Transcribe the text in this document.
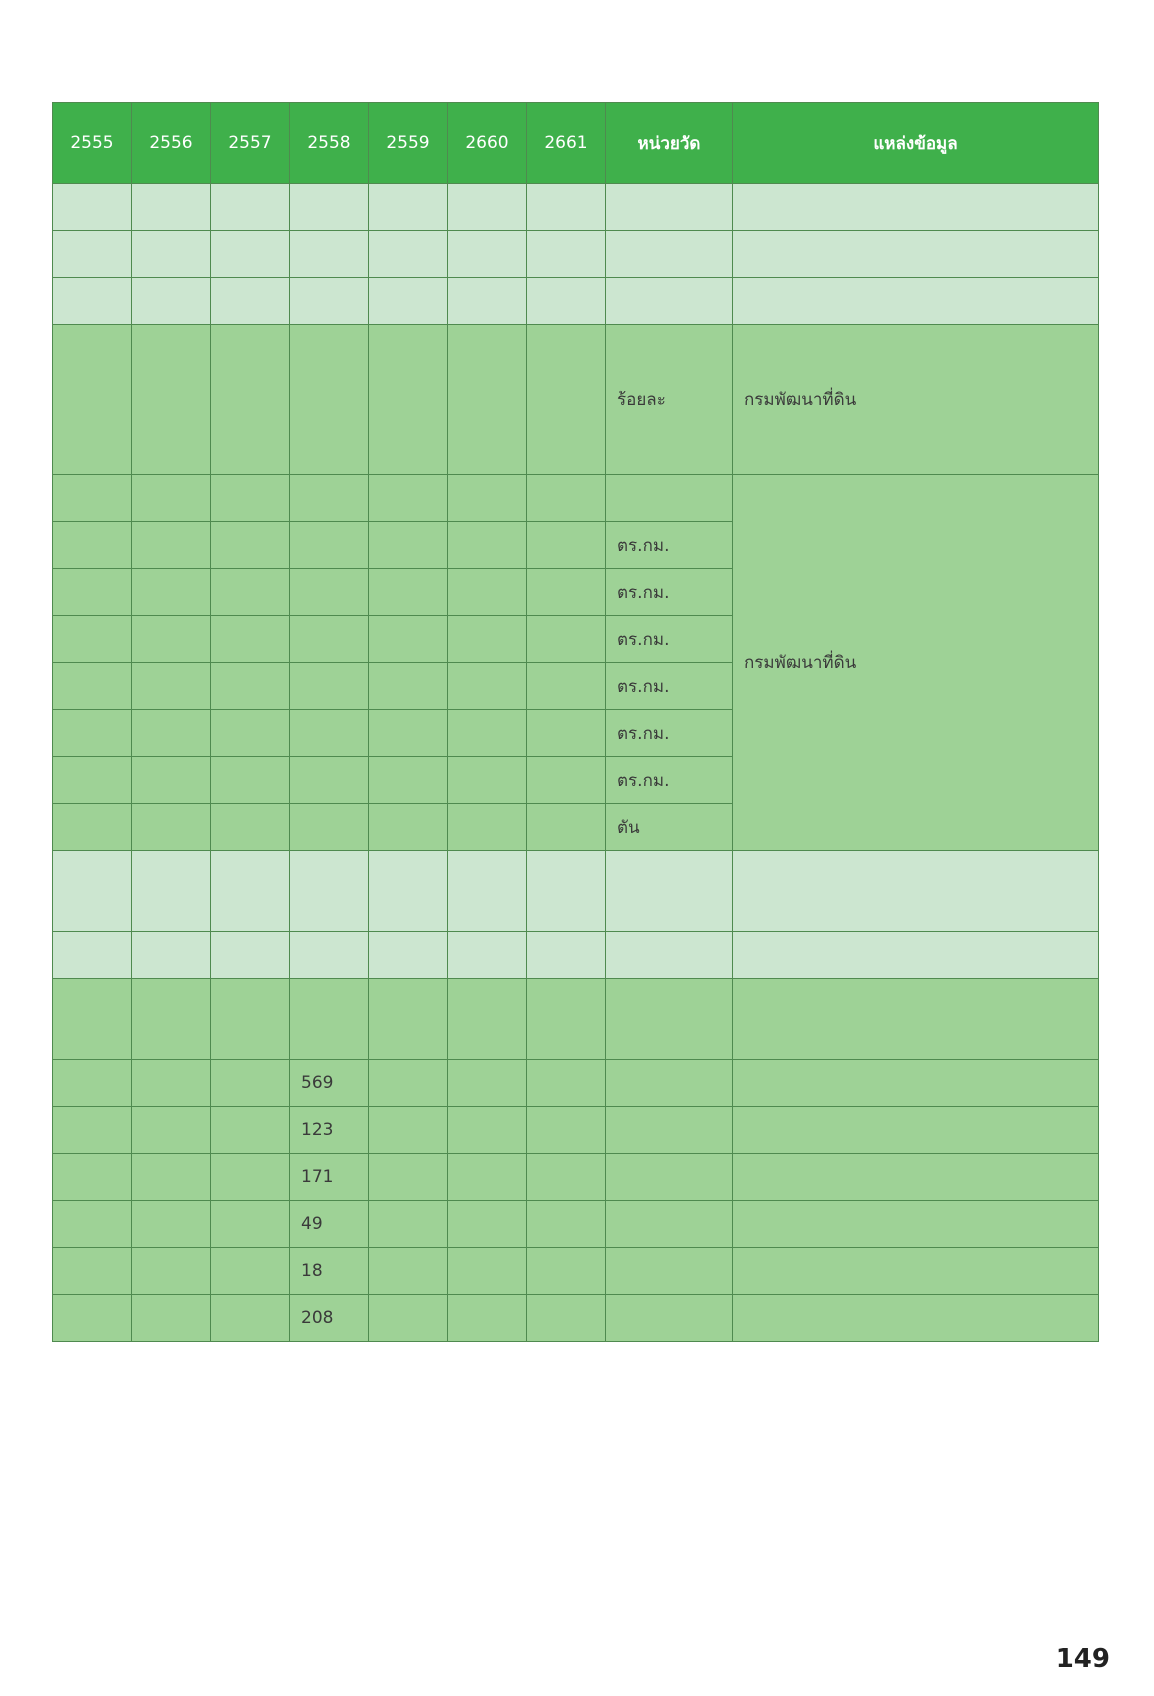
2555	2556	2557	2558	2559	2660	2661	หน่วยวัด	แหล่งข้อมูล

							ร้อยละ	กรมพัฒนาที่ดิน
								กรมพัฒนาที่ดิน
							ตร.กม.	
							ตร.กม.	
							ตร.กม.	
							ตร.กม.	
							ตร.กม.	
							ตร.กม.	
							ตัน	

			569					
			123					
			171					
			49					
			18					
			208					
149
